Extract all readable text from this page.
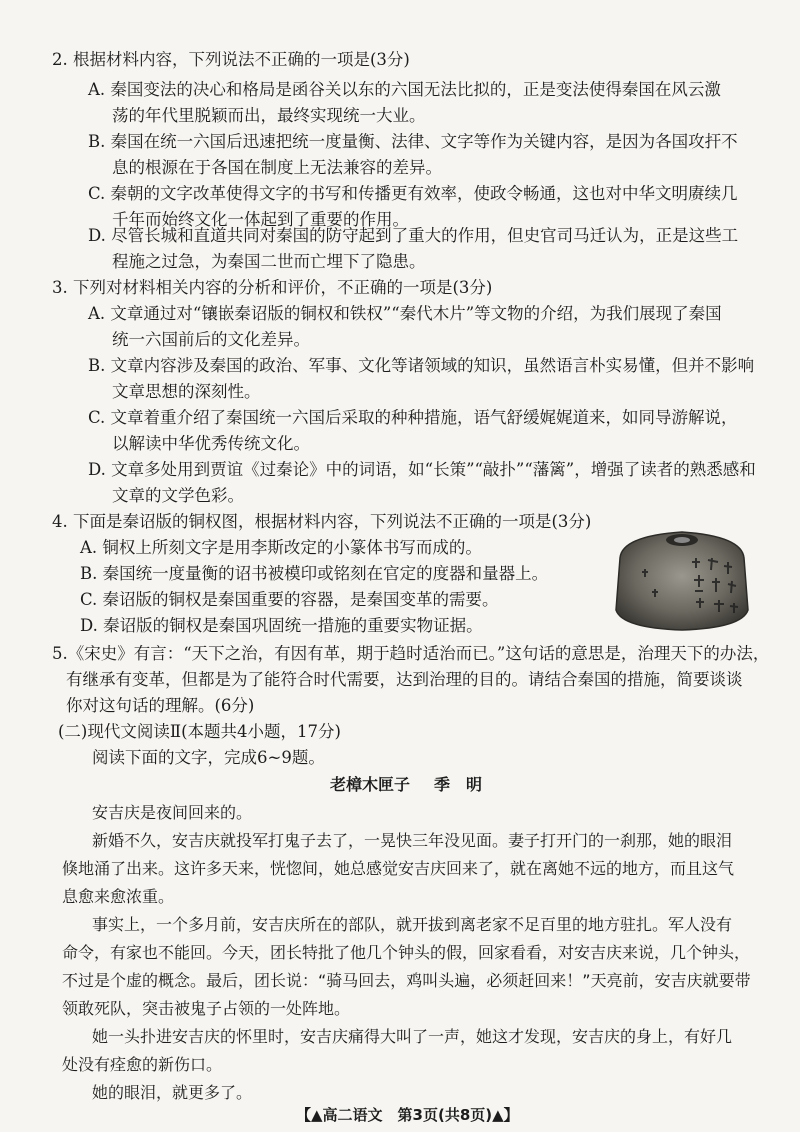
2. 根据材料内容，下列说法不正确的一项是(3分)
A. 秦国变法的决心和格局是函谷关以东的六国无法比拟的，正是变法使得秦国在风云激
荡的年代里脱颖而出，最终实现统一大业。
B. 秦国在统一六国后迅速把统一度量衡、法律、文字等作为关键内容，是因为各国攻扞不
息的根源在于各国在制度上无法兼容的差异。
C. 秦朝的文字改革使得文字的书写和传播更有效率，使政令畅通，这也对中华文明赓续几
千年而始终文化一体起到了重要的作用。
D. 尽管长城和直道共同对秦国的防守起到了重大的作用，但史官司马迁认为，正是这些工
程施之过急，为秦国二世而亡埋下了隐患。
3. 下列对材料相关内容的分析和评价，不正确的一项是(3分)
A. 文章通过对“镶嵌秦诏版的铜权和铁权”“秦代木片”等文物的介绍，为我们展现了秦国
统一六国前后的文化差异。
B. 文章内容涉及秦国的政治、军事、文化等诸领域的知识，虽然语言朴实易懂，但并不影响
文章思想的深刻性。
C. 文章着重介绍了秦国统一六国后采取的种种措施，语气舒缓娓娓道来，如同导游解说，
以解读中华优秀传统文化。
D. 文章多处用到贾谊《过秦论》中的词语，如“长策”“敲扑”“藩篱”，增强了读者的熟悉感和
文章的文学色彩。
4. 下面是秦诏版的铜权图，根据材料内容，下列说法不正确的一项是(3分)
A. 铜权上所刻文字是用李斯改定的小篆体书写而成的。
B. 秦国统一度量衡的诏书被模印或铭刻在官定的度器和量器上。
C. 秦诏版的铜权是秦国重要的容器，是秦国变革的需要。
D. 秦诏版的铜权是秦国巩固统一措施的重要实物证据。
5.《宋史》有言：“天下之治，有因有革，期于趋时适治而已。”这句话的意思是，治理天下的办法，
有继承有变革，但都是为了能符合时代需要，达到治理的目的。请结合秦国的措施，简要谈谈
你对这句话的理解。(6分)
(二)现代文阅读Ⅱ(本题共4小题，17分)
阅读下面的文字，完成6~9题。
老樟木匣子 季　明
安吉庆是夜间回来的。
新婚不久，安吉庆就投军打鬼子去了，一晃快三年没见面。妻子打开门的一刹那，她的眼泪
倏地涌了出来。这许多天来，恍惚间，她总感觉安吉庆回来了，就在离她不远的地方，而且这气
息愈来愈浓重。
事实上，一个多月前，安吉庆所在的部队，就开拔到离老家不足百里的地方驻扎。军人没有
命令，有家也不能回。今天，团长特批了他几个钟头的假，回家看看，对安吉庆来说，几个钟头，
不过是个虚的概念。最后，团长说：“骑马回去，鸡叫头遍，必须赶回来！”天亮前，安吉庆就要带
领敢死队，突击被鬼子占领的一处阵地。
她一头扑进安吉庆的怀里时，安吉庆痛得大叫了一声，她这才发现，安吉庆的身上，有好几
处没有痊愈的新伤口。
她的眼泪，就更多了。
【▲高二语文　第3页(共8页)▲】
